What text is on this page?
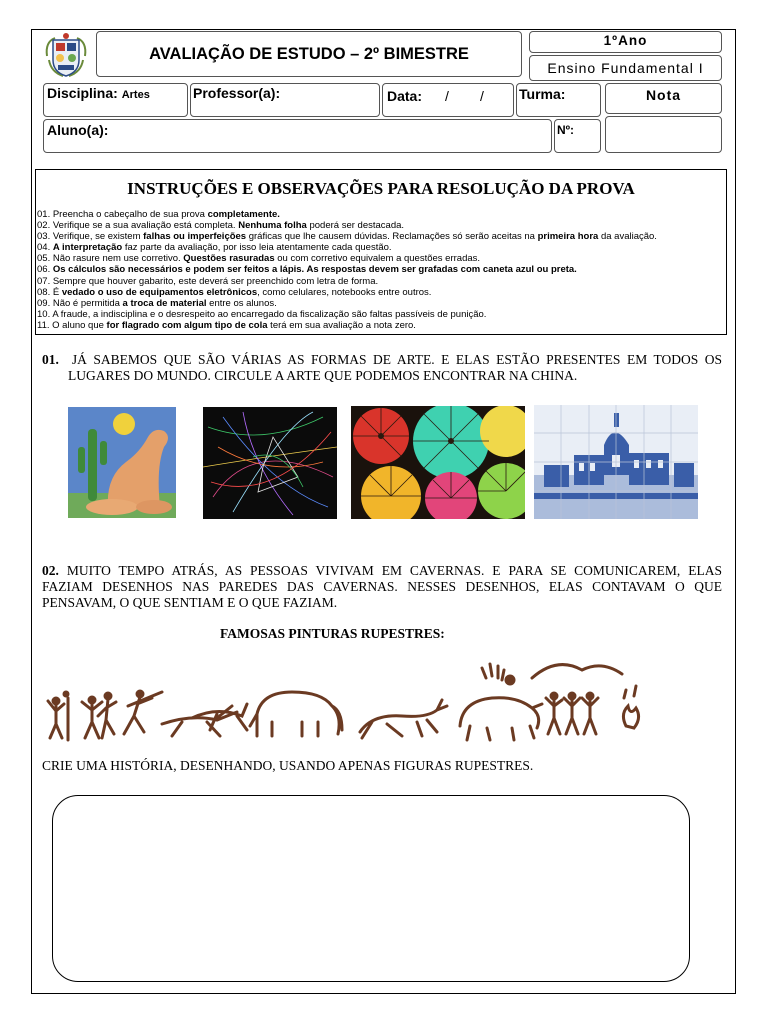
AVALIAÇÃO DE ESTUDO – 2º BIMESTRE
1ºAno
Ensino Fundamental I
Disciplina: Artes	Professor(a):	Data: / /	Turma:	Nota
Aluno(a):	Nº:
INSTRUÇÕES E OBSERVAÇÕES PARA RESOLUÇÃO DA PROVA
01. Preencha o cabeçalho de sua prova completamente.
02. Verifique se a sua avaliação está completa. Nenhuma folha poderá ser destacada.
03. Verifique, se existem falhas ou imperfeições gráficas que lhe causem dúvidas. Reclamações só serão aceitas na primeira hora da avaliação.
04. A interpretação faz parte da avaliação, por isso leia atentamente cada questão.
05. Não rasure nem use corretivo. Questões rasuradas ou com corretivo equivalem a questões erradas.
06. Os cálculos são necessários e podem ser feitos a lápis. As respostas devem ser grafadas com caneta azul ou preta.
07. Sempre que houver gabarito, este deverá ser preenchido com letra de forma.
08. É vedado o uso de equipamentos eletrônicos, como celulares, notebooks entre outros.
09. Não é permitida a troca de material entre os alunos.
10. A fraude, a indisciplina e o desrespeito ao encarregado da fiscalização são faltas passíveis de punição.
11. O aluno que for flagrado com algum tipo de cola terá em sua avaliação a nota zero.
01. JÁ SABEMOS QUE SÃO VÁRIAS AS FORMAS DE ARTE. E ELAS ESTÃO PRESENTES EM TODOS OS
LUGARES DO MUNDO. CIRCULE A ARTE QUE PODEMOS ENCONTRAR NA CHINA.
02. MUITO TEMPO ATRÁS, AS PESSOAS VIVIVAM EM CAVERNAS. E PARA SE COMUNICAREM, ELAS
FAZIAM DESENHOS NAS PAREDES DAS CAVERNAS. NESSES DESENHOS, ELAS CONTAVAM O QUE
PENSAVAM, O QUE SENTIAM E O QUE FAZIAM.
FAMOSAS PINTURAS RUPESTRES:
CRIE UMA HISTÓRIA, DESENHANDO, USANDO APENAS FIGURAS RUPESTRES.
